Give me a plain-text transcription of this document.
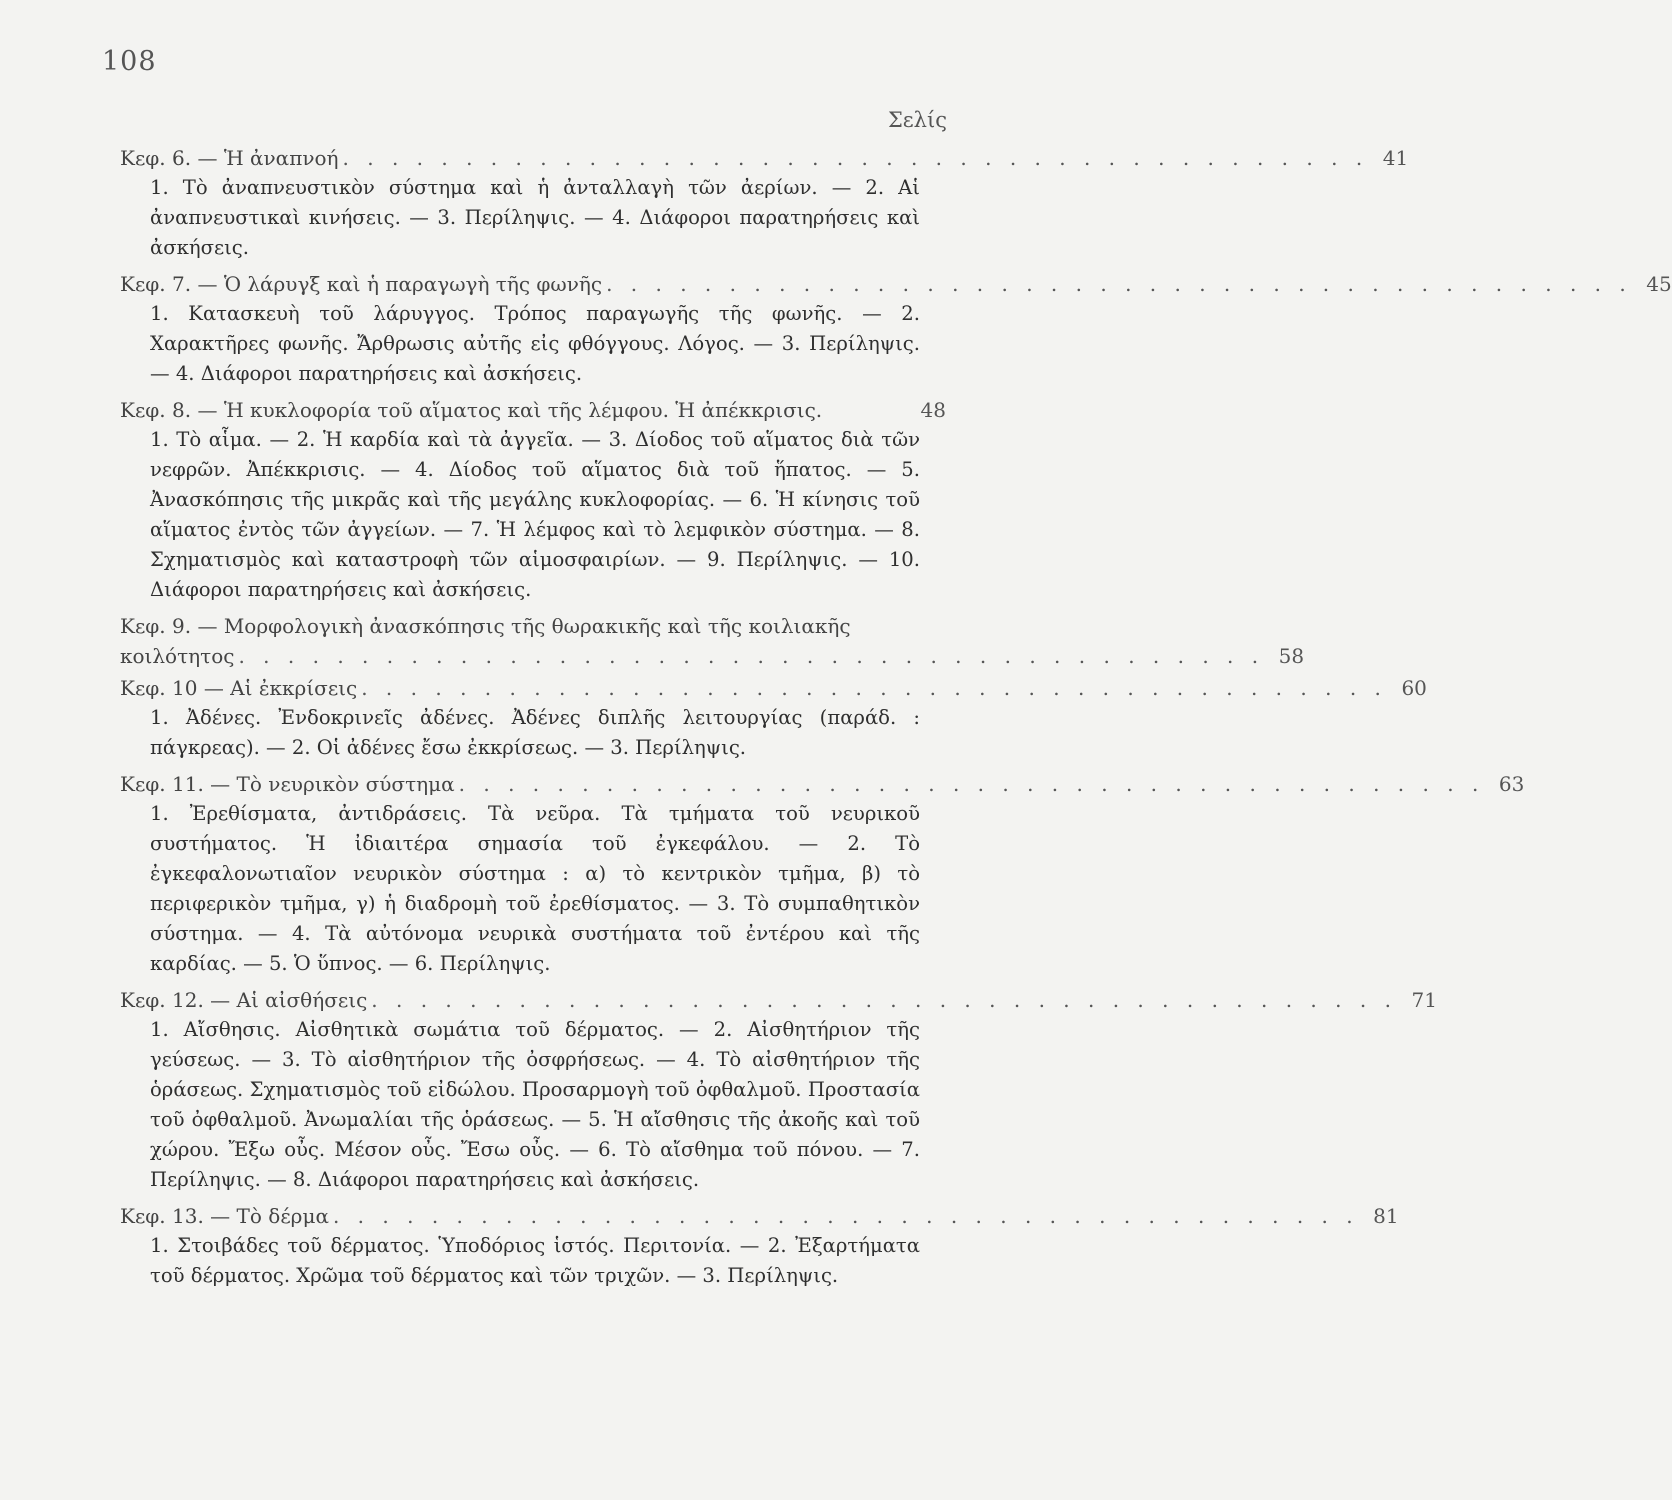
108
Σελίς
Κεφ. 6. — Ἡ ἀναπνοή . . . . . . . . . . . . . . . . . . . . . . . . . . . . . . . . . . . . . . . . . . 41
1. Τὸ ἀναπνευστικὸν σύστημα καὶ ἡ ἀνταλλαγὴ τῶν ἀερίων. — 2. Αἱ ἀναπνευστικαὶ κινήσεις. — 3. Περίληψις. — 4. Διάφοροι παρατηρήσεις καὶ ἀσκήσεις.
Κεφ. 7. — Ὁ λάρυγξ καὶ ἡ παραγωγὴ τῆς φωνῆς . . . . . . . . . . . . . . . . . . . . . . . . . . . . . . . . . . . . . . . . . . 45
1. Κατασκευὴ τοῦ λάρυγγος. Τρόπος παραγωγῆς τῆς φωνῆς. — 2. Χαρακτῆρες φωνῆς. Ἄρθρωσις αὐτῆς εἰς φθόγγους. Λόγος. — 3. Περίληψις. — 4. Διάφοροι παρατηρήσεις καὶ ἀσκήσεις.
Κεφ. 8. — Ἡ κυκλοφορία τοῦ αἵματος καὶ τῆς λέμφου. Ἡ ἀπέκκρισις.	48
1. Τὸ αἷμα. — 2. Ἡ καρδία καὶ τὰ ἀγγεῖα. — 3. Δίοδος τοῦ αἵματος διὰ τῶν νεφρῶν. Ἀπέκκρισις. — 4. Δίοδος τοῦ αἵματος διὰ τοῦ ἥπατος. — 5. Ἀνασκόπησις τῆς μικρᾶς καὶ τῆς μεγάλης κυκλοφορίας. — 6. Ἡ κίνησις τοῦ αἵματος ἐντὸς τῶν ἀγγείων. — 7. Ἡ λέμφος καὶ τὸ λεμφικὸν σύστημα. — 8. Σχηματισμὸς καὶ καταστροφὴ τῶν αἱμοσφαιρίων. — 9. Περίληψις. — 10. Διάφοροι παρατηρήσεις καὶ ἀσκήσεις.
Κεφ. 9. — Μορφολογικὴ ἀνασκόπησις τῆς θωρακικῆς καὶ τῆς κοιλιακῆς
κοιλότητος . . . . . . . . . . . . . . . . . . . . . . . . . . . . . . . . . . . . . . . . . . 58
Κεφ. 10 — Αἱ ἐκκρίσεις . . . . . . . . . . . . . . . . . . . . . . . . . . . . . . . . . . . . . . . . . . 60
1. Ἀδένες. Ἐνδοκρινεῖς ἀδένες. Ἀδένες διπλῆς λειτουργίας (παράδ. : πάγκρεας). — 2. Οἱ ἀδένες ἔσω ἐκκρίσεως. — 3. Περίληψις.
Κεφ. 11. — Τὸ νευρικὸν σύστημα . . . . . . . . . . . . . . . . . . . . . . . . . . . . . . . . . . . . . . . . . . 63
1. Ἐρεθίσματα, ἀντιδράσεις. Τὰ νεῦρα. Τὰ τμήματα τοῦ νευρικοῦ συστήματος. Ἡ ἰδιαιτέρα σημασία τοῦ ἐγκεφάλου. — 2. Τὸ ἐγκεφαλονωτιαῖον νευρικὸν σύστημα : α) τὸ κεντρικὸν τμῆμα, β) τὸ περιφερικὸν τμῆμα, γ) ἡ διαδρομὴ τοῦ ἐρεθίσματος. — 3. Τὸ συμπαθητικὸν σύστημα. — 4. Τὰ αὐτόνομα νευρικὰ συστήματα τοῦ ἐντέρου καὶ τῆς καρδίας. — 5. Ὁ ὕπνος. — 6. Περίληψις.
Κεφ. 12. — Αἱ αἰσθήσεις . . . . . . . . . . . . . . . . . . . . . . . . . . . . . . . . . . . . . . . . . . 71
1. Αἴσθησις. Αἰσθητικὰ σωμάτια τοῦ δέρματος. — 2. Αἰσθητήριον τῆς γεύσεως. — 3. Τὸ αἰσθητήριον τῆς ὀσφρήσεως. — 4. Τὸ αἰσθητήριον τῆς ὁράσεως. Σχηματισμὸς τοῦ εἰδώλου. Προσαρμογὴ τοῦ ὀφθαλμοῦ. Προστασία τοῦ ὀφθαλμοῦ. Ἀνωμαλίαι τῆς ὁράσεως. — 5. Ἡ αἴσθησις τῆς ἀκοῆς καὶ τοῦ χώρου. Ἔξω οὖς. Μέσον οὖς. Ἔσω οὖς. — 6. Τὸ αἴσθημα τοῦ πόνου. — 7. Περίληψις. — 8. Διάφοροι παρατηρήσεις καὶ ἀσκήσεις.
Κεφ. 13. — Τὸ δέρμα . . . . . . . . . . . . . . . . . . . . . . . . . . . . . . . . . . . . . . . . . . 81
1. Στοιβάδες τοῦ δέρματος. Ὑποδόριος ἱστός. Περιτονία. — 2. Ἐξαρτήματα τοῦ δέρματος. Χρῶμα τοῦ δέρματος καὶ τῶν τριχῶν. — 3. Περίληψις.
